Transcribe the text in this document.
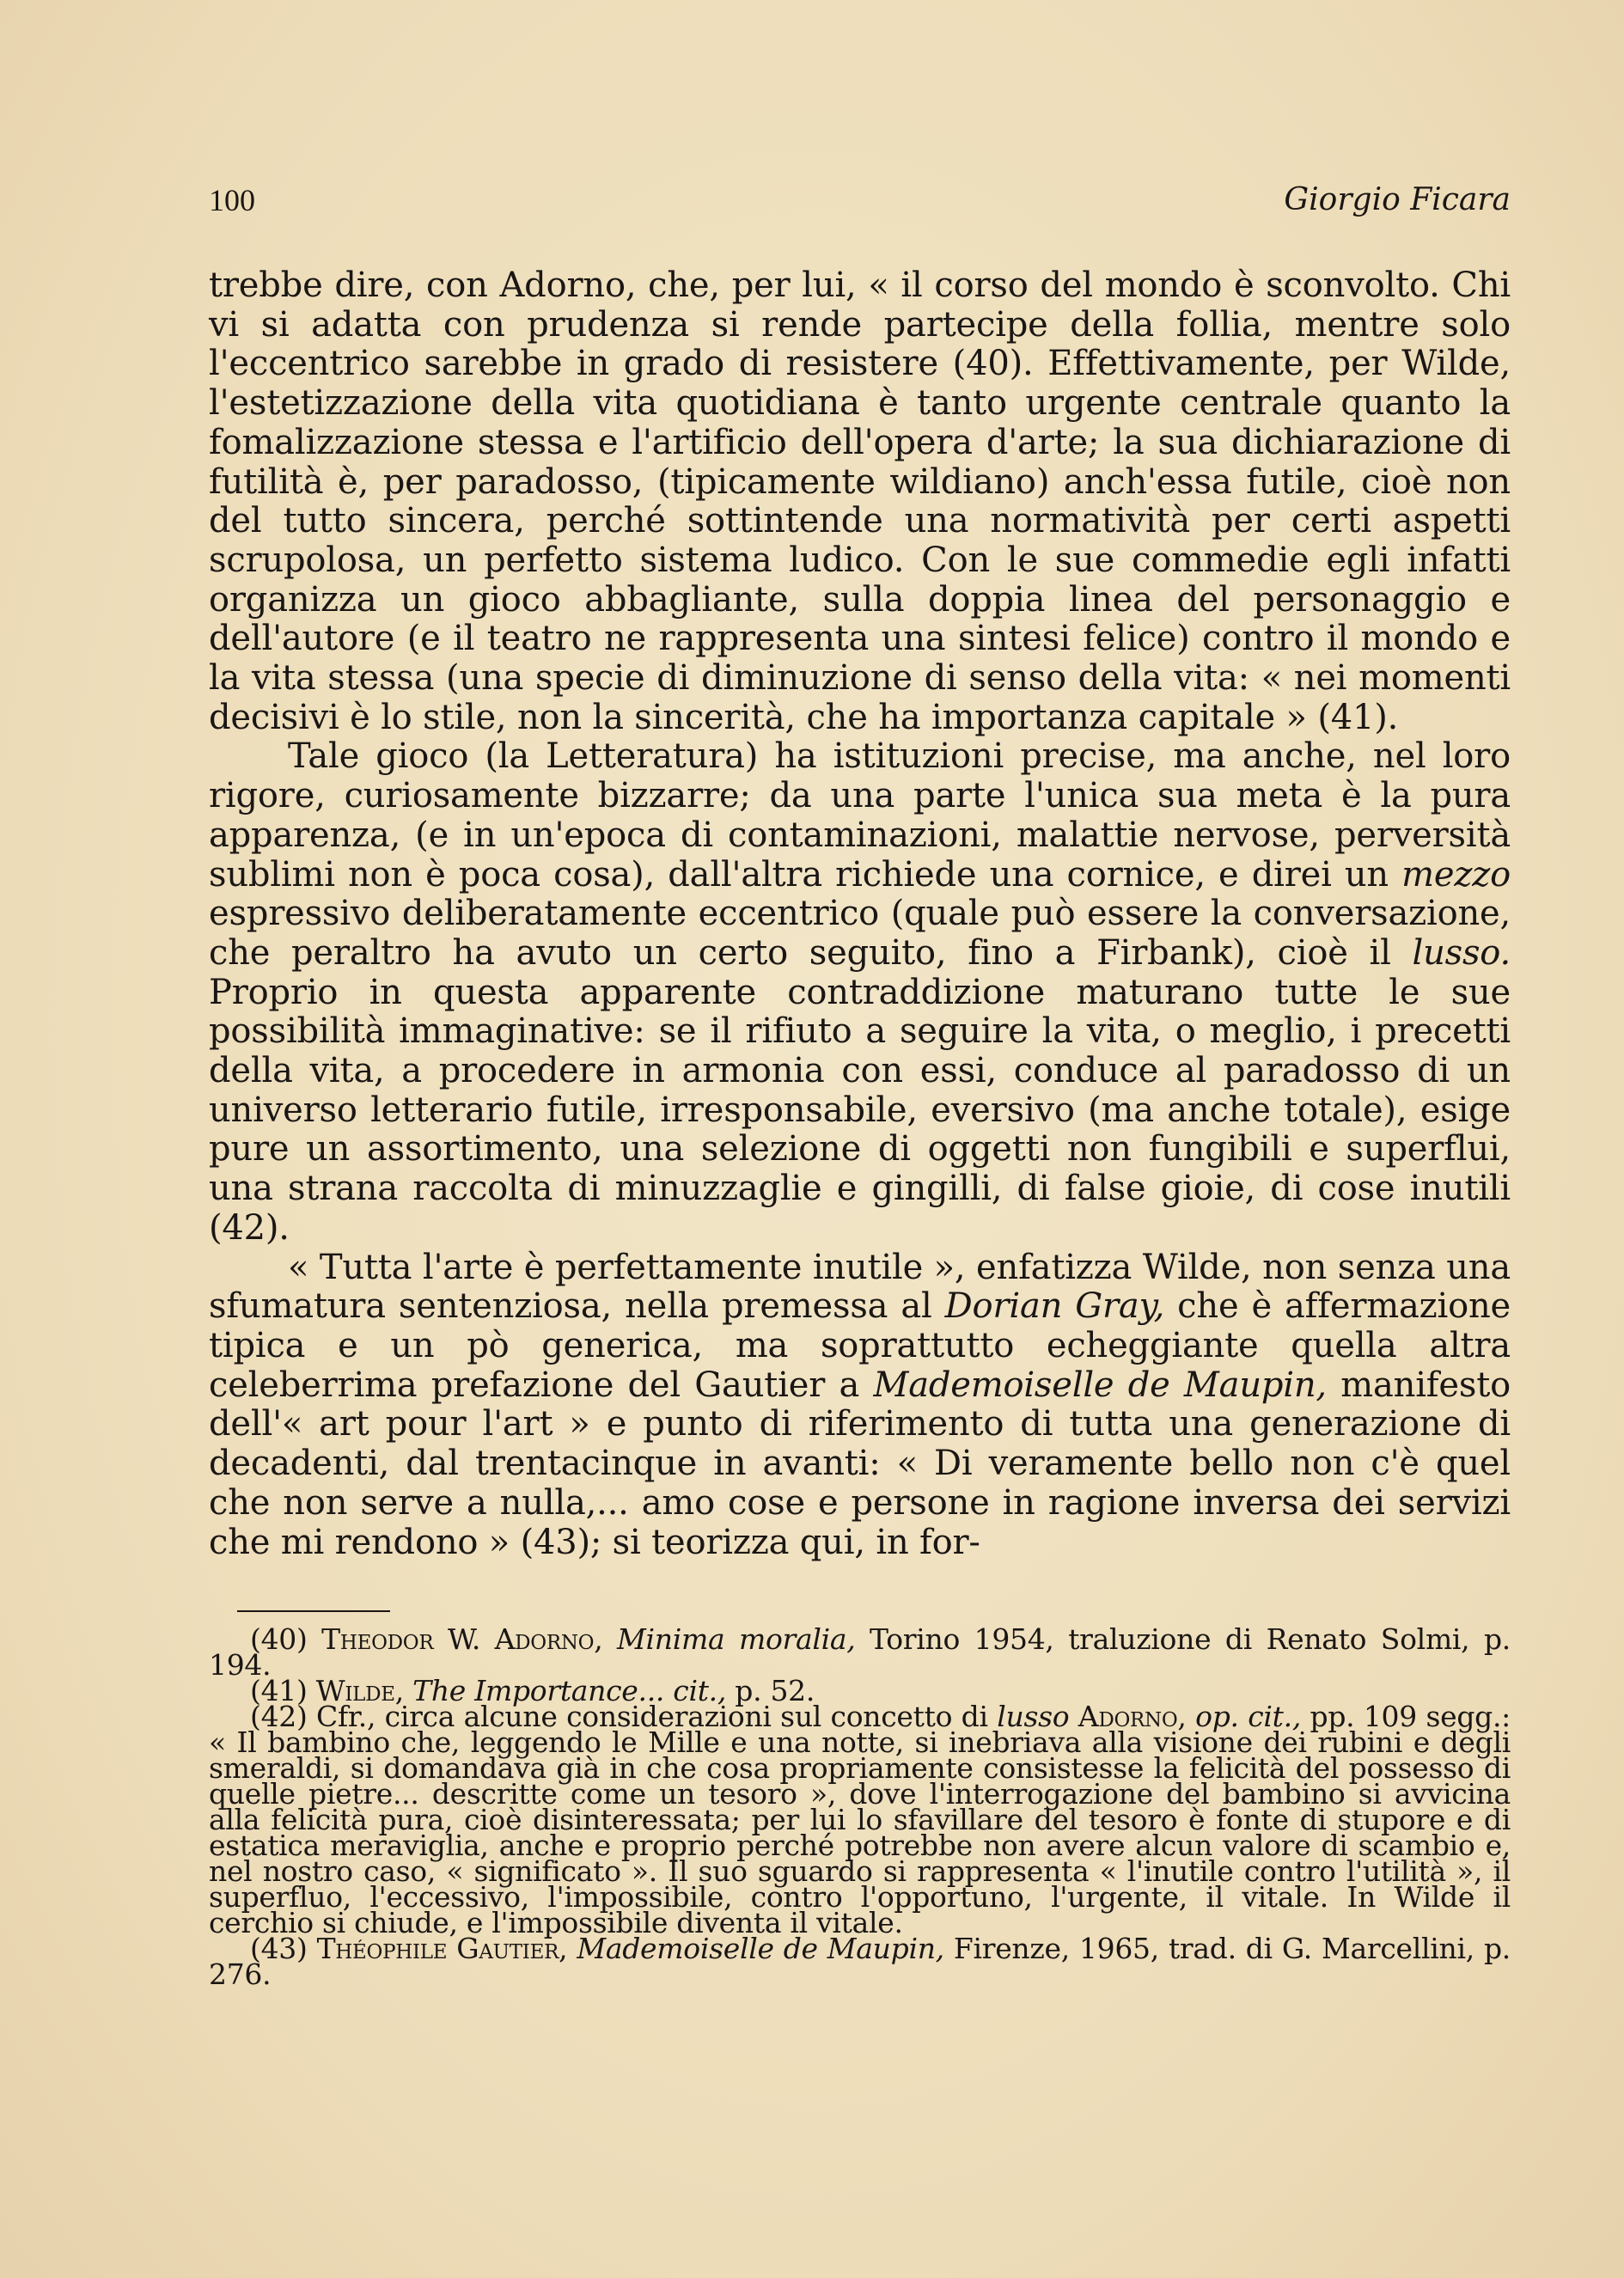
100	Giorgio Ficara

trebbe dire, con Adorno, che, per lui, « il corso del mondo è sconvolto. Chi vi si adatta con prudenza si rende partecipe della follia, mentre solo l'eccentrico sarebbe in grado di resistere (40). Effettivamente, per Wilde, l'estetizzazione della vita quotidiana è tanto urgente centrale quanto la fomalizzazione stessa e l'artificio dell'opera d'arte; la sua dichiarazione di futilità è, per paradosso, (tipicamente wildiano) anch'essa futile, cioè non del tutto sincera, perché sottintende una normatività per certi aspetti scrupolosa, un perfetto sistema ludico. Con le sue commedie egli infatti organizza un gioco abbagliante, sulla doppia linea del personaggio e dell'autore (e il teatro ne rappresenta una sintesi felice) contro il mondo e la vita stessa (una specie di diminuzione di senso della vita: « nei momenti decisivi è lo stile, non la sincerità, che ha importanza capitale » (41).

Tale gioco (la Letteratura) ha istituzioni precise, ma anche, nel loro rigore, curiosamente bizzarre; da una parte l'unica sua meta è la pura apparenza, (e in un'epoca di contaminazioni, malattie nervose, perversità sublimi non è poca cosa), dall'altra richiede una cornice, e direi un mezzo espressivo deliberatamente eccentrico (quale può essere la conversazione, che peraltro ha avuto un certo seguito, fino a Firbank), cioè il lusso. Proprio in questa apparente contraddizione maturano tutte le sue possibilità immaginative: se il rifiuto a seguire la vita, o meglio, i precetti della vita, a procedere in armonia con essi, conduce al paradosso di un universo letterario futile, irresponsabile, eversivo (ma anche totale), esige pure un assortimento, una selezione di oggetti non fungibili e superflui, una strana raccolta di minuzzaglie e gingilli, di false gioie, di cose inutili (42).

« Tutta l'arte è perfettamente inutile », enfatizza Wilde, non senza una sfumatura sentenziosa, nella premessa al Dorian Gray, che è affermazione tipica e un pò generica, ma soprattutto echeggiante quella altra celeberrima prefazione del Gautier a Mademoiselle de Maupin, manifesto dell'« art pour l'art » e punto di riferimento di tutta una generazione di decadenti, dal trentacinque in avanti: « Di veramente bello non c'è quel che non serve a nulla,... amo cose e persone in ragione inversa dei servizi che mi rendono » (43); si teorizza qui, in for-

(40) Theodor W. Adorno, Minima moralia, Torino 1954, traluzione di Renato Solmi, p. 194.

(41) Wilde, The Importance... cit., p. 52.

(42) Cfr., circa alcune considerazioni sul concetto di lusso Adorno, op. cit., pp. 109 segg.: « Il bambino che, leggendo le Mille e una notte, si inebriava alla visione dei rubini e degli smeraldi, si domandava già in che cosa propriamente consistesse la felicità del possesso di quelle pietre... descritte come un tesoro », dove l'interrogazione del bambino si avvicina alla felicità pura, cioè disinteressata; per lui lo sfavillare del tesoro è fonte di stupore e di estatica meraviglia, anche e proprio perché potrebbe non avere alcun valore di scambio e, nel nostro caso, « significato ». Il suo sguardo si rappresenta « l'inutile contro l'utilità », il superfluo, l'eccessivo, l'impossibile, contro l'opportuno, l'urgente, il vitale. In Wilde il cerchio si chiude, e l'impossibile diventa il vitale.

(43) Théophile Gautier, Mademoiselle de Maupin, Firenze, 1965, trad. di G. Marcellini, p. 276.
